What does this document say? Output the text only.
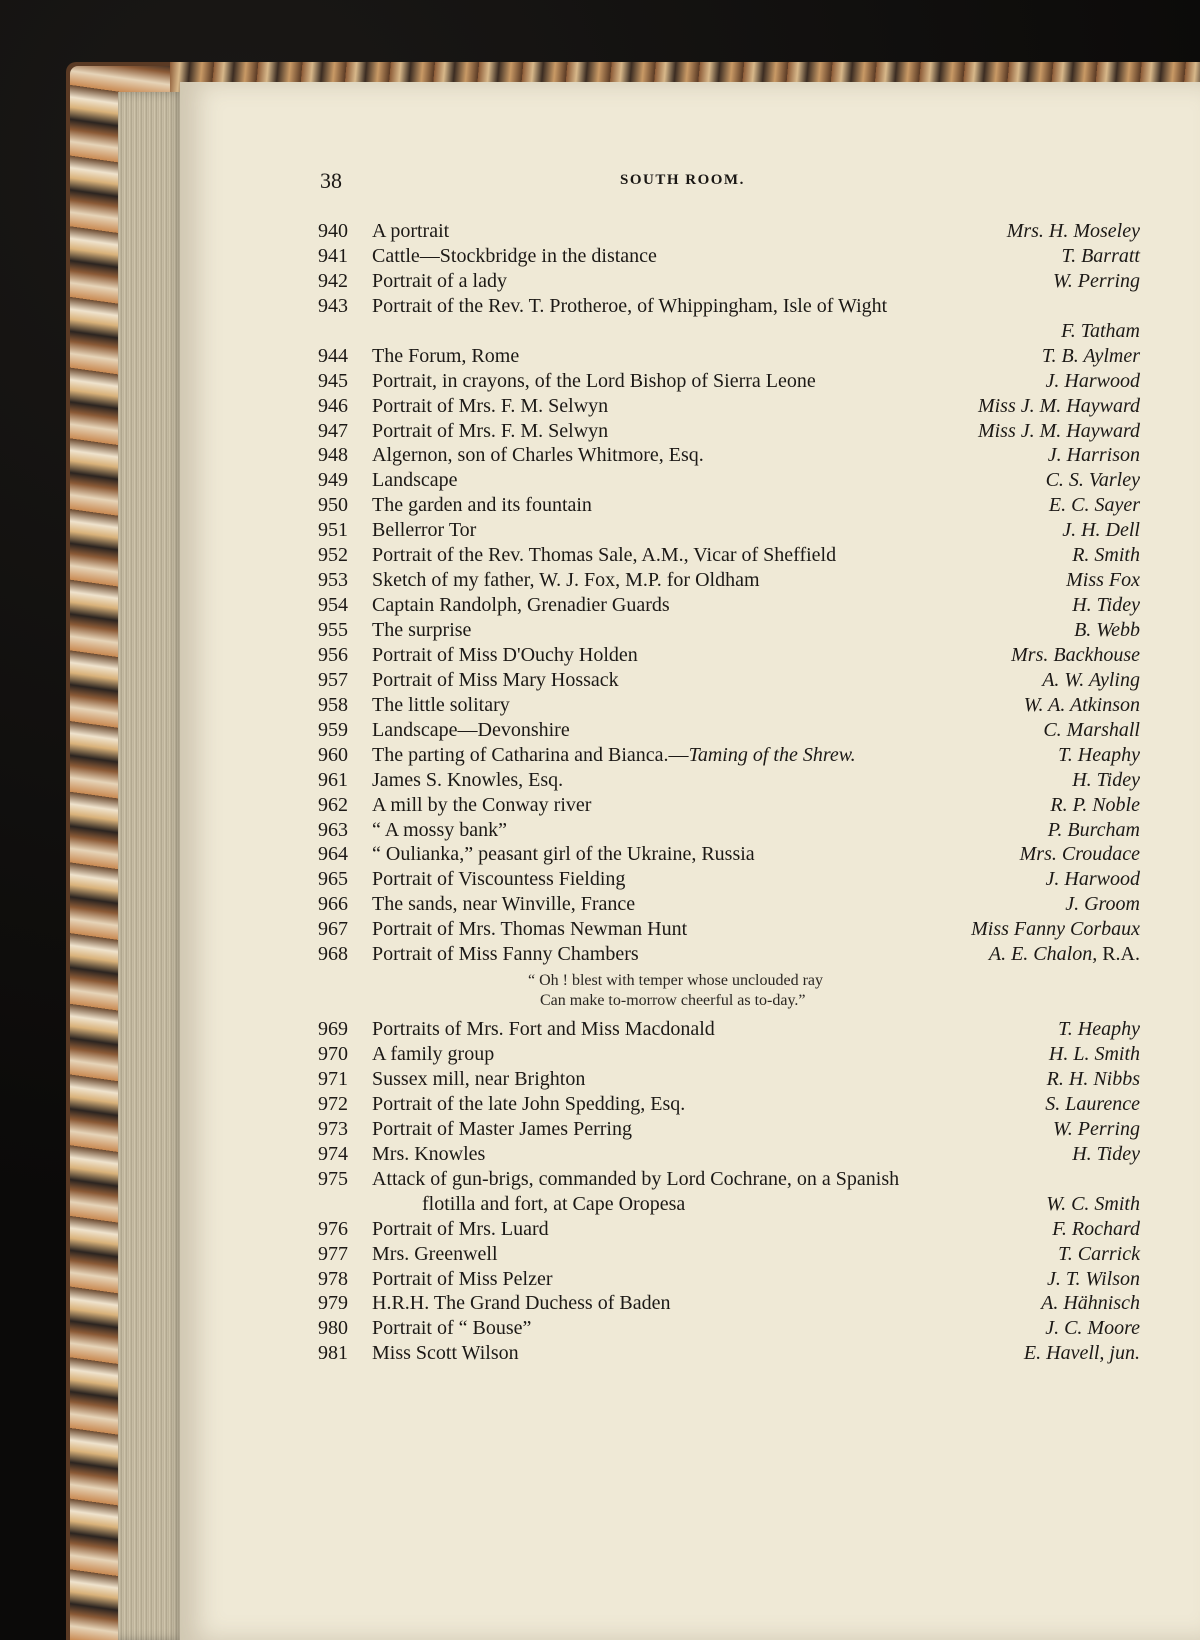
38	SOUTH ROOM.
940	A portrait	Mrs. H. Moseley
941	Cattle—Stockbridge in the distance	T. Barratt
942	Portrait of a lady	W. Perring
943	Portrait of the Rev. T. Protheroe, of Whippingham, Isle of Wight
F. Tatham
944	The Forum, Rome	T. B. Aylmer
945	Portrait, in crayons, of the Lord Bishop of Sierra Leone	J. Harwood
946	Portrait of Mrs. F. M. Selwyn	Miss J. M. Hayward
947	Portrait of Mrs. F. M. Selwyn	Miss J. M. Hayward
948	Algernon, son of Charles Whitmore, Esq.	J. Harrison
949	Landscape	C. S. Varley
950	The garden and its fountain	E. C. Sayer
951	Bellerror Tor	J. H. Dell
952	Portrait of the Rev. Thomas Sale, A.M., Vicar of Sheffield	R. Smith
953	Sketch of my father, W. J. Fox, M.P. for Oldham	Miss Fox
954	Captain Randolph, Grenadier Guards	H. Tidey
955	The surprise	B. Webb
956	Portrait of Miss D'Ouchy Holden	Mrs. Backhouse
957	Portrait of Miss Mary Hossack	A. W. Ayling
958	The little solitary	W. A. Atkinson
959	Landscape—Devonshire	C. Marshall
960	The parting of Catharina and Bianca.—Taming of the Shrew.	T. Heaphy
961	James S. Knowles, Esq.	H. Tidey
962	A mill by the Conway river	R. P. Noble
963	“ A mossy bank”	P. Burcham
964	“ Oulianka,” peasant girl of the Ukraine, Russia	Mrs. Croudace
965	Portrait of Viscountess Fielding	J. Harwood
966	The sands, near Winville, France	J. Groom
967	Portrait of Mrs. Thomas Newman Hunt	Miss Fanny Corbaux
968	Portrait of Miss Fanny Chambers	A. E. Chalon, R.A.
“ Oh ! blest with temper whose unclouded ray
Can make to-morrow cheerful as to-day.”
969	Portraits of Mrs. Fort and Miss Macdonald	T. Heaphy
970	A family group	H. L. Smith
971	Sussex mill, near Brighton	R. H. Nibbs
972	Portrait of the late John Spedding, Esq.	S. Laurence
973	Portrait of Master James Perring	W. Perring
974	Mrs. Knowles	H. Tidey
975	Attack of gun-brigs, commanded by Lord Cochrane, on a Spanish
flotilla and fort, at Cape Oropesa	W. C. Smith
976	Portrait of Mrs. Luard	F. Rochard
977	Mrs. Greenwell	T. Carrick
978	Portrait of Miss Pelzer	J. T. Wilson
979	H.R.H. The Grand Duchess of Baden	A. Hähnisch
980	Portrait of “ Bouse”	J. C. Moore
981	Miss Scott Wilson	E. Havell, jun.
